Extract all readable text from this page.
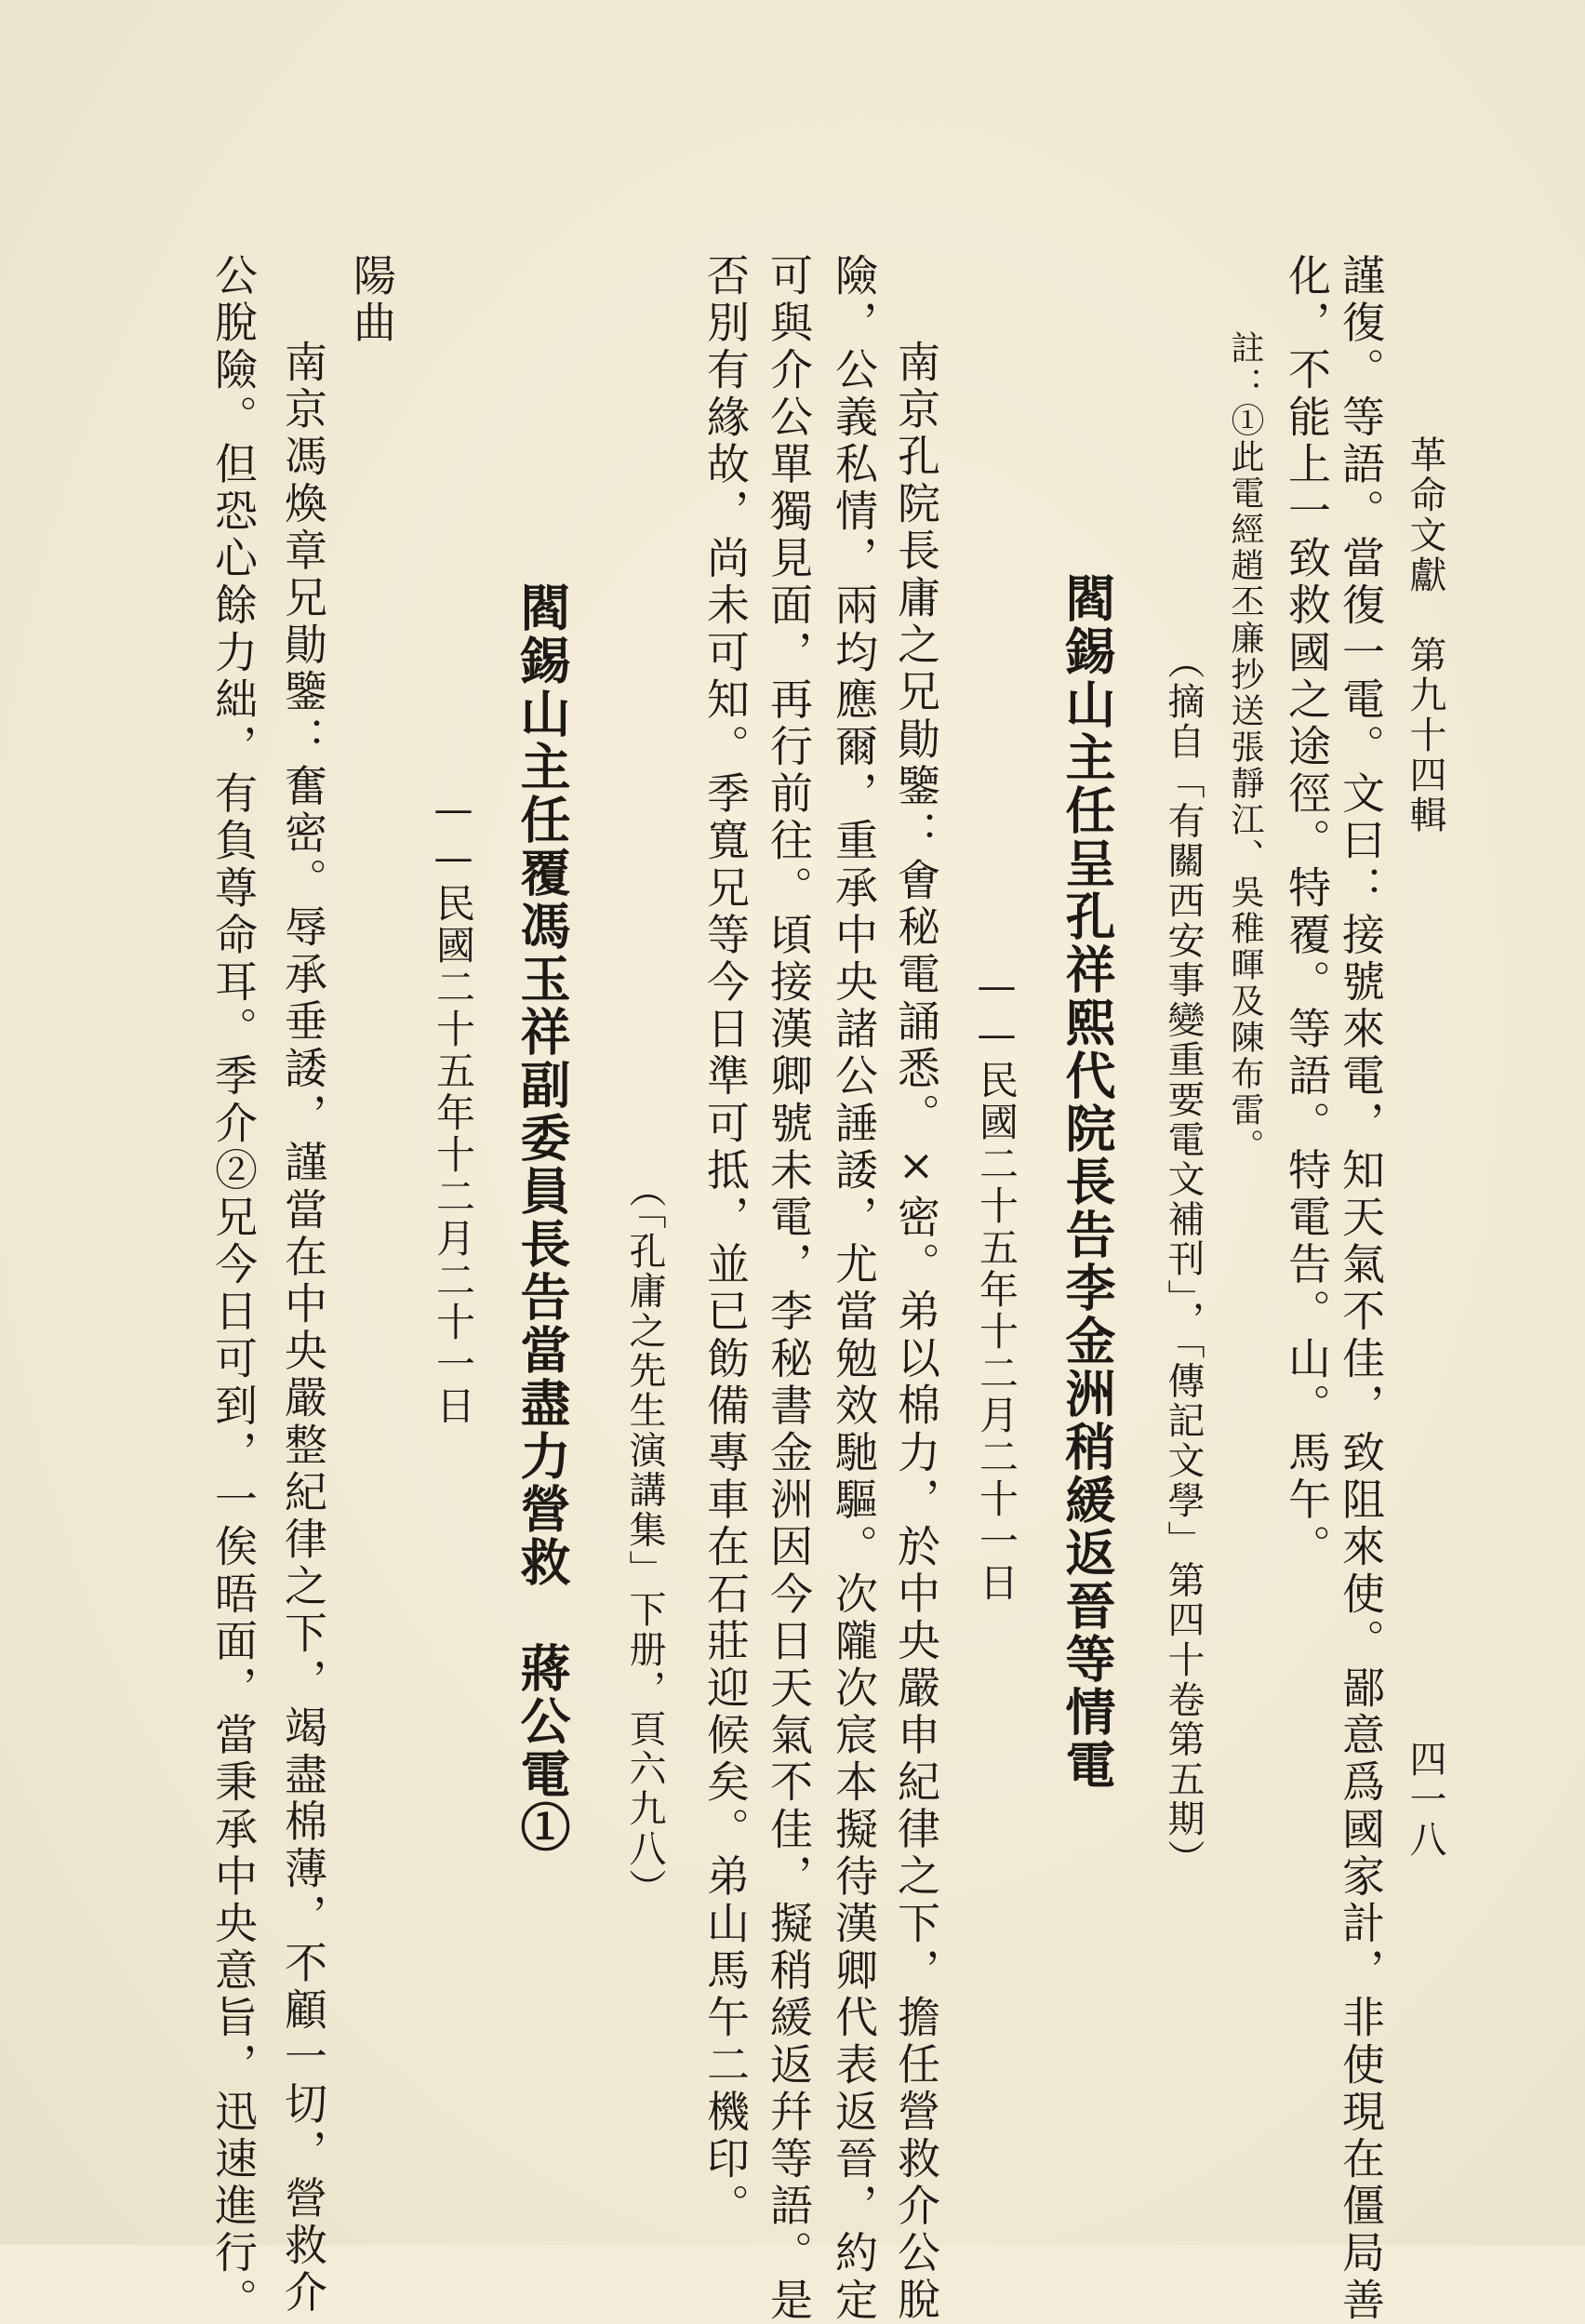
革命文獻　第九十四輯
四一八
謹復。等語。當復一電。文曰：接號來電，知天氣不佳，致阻來使。鄙意爲國家計，非使現在僵局善
化，不能上一致救國之途徑。特覆。等語。特電告。山。馬午。
註：①此電經趙丕廉抄送張靜江、吳稚暉及陳布雷。
（摘自「有關西安事變重要電文補刊」，「傳記文學」第四十卷第五期）
閻錫山主任呈孔祥熙代院長告李金洲稍緩返晉等情電
——民國二十五年十二月二十一日
南京孔院長庸之兄勛鑒：㑹秘電誦悉。×密。弟以棉力，於中央嚴申紀律之下，擔任營救介公脫
險，公義私情，兩均應爾，重承中央諸公諈諉，尤當勉效馳驅。次隴次宸本擬待漢卿代表返晉，約定
可與介公單獨見面，再行前往。頃接漢卿號未電，李秘書金洲因今日天氣不佳，擬稍緩返幷等語。是
否別有緣故，尚未可知。季寬兄等今日準可抵，並已飭備專車在石莊迎候矣。弟山馬午二機印。
（「孔庸之先生演講集」下册，頁六九八）
閻錫山主任覆馮玉祥副委員長告當盡力營救　蔣公電①
——民國二十五年十二月二十一日
陽曲
南京馮煥章兄勛鑒：奮密。辱承垂諉，謹當在中央嚴整紀律之下，竭盡棉薄，不顧一切，營救介
公脫險。但恐心餘力絀，有負尊命耳。季介②兄今日可到，一俟晤面，當秉承中央意旨，迅速進行。
